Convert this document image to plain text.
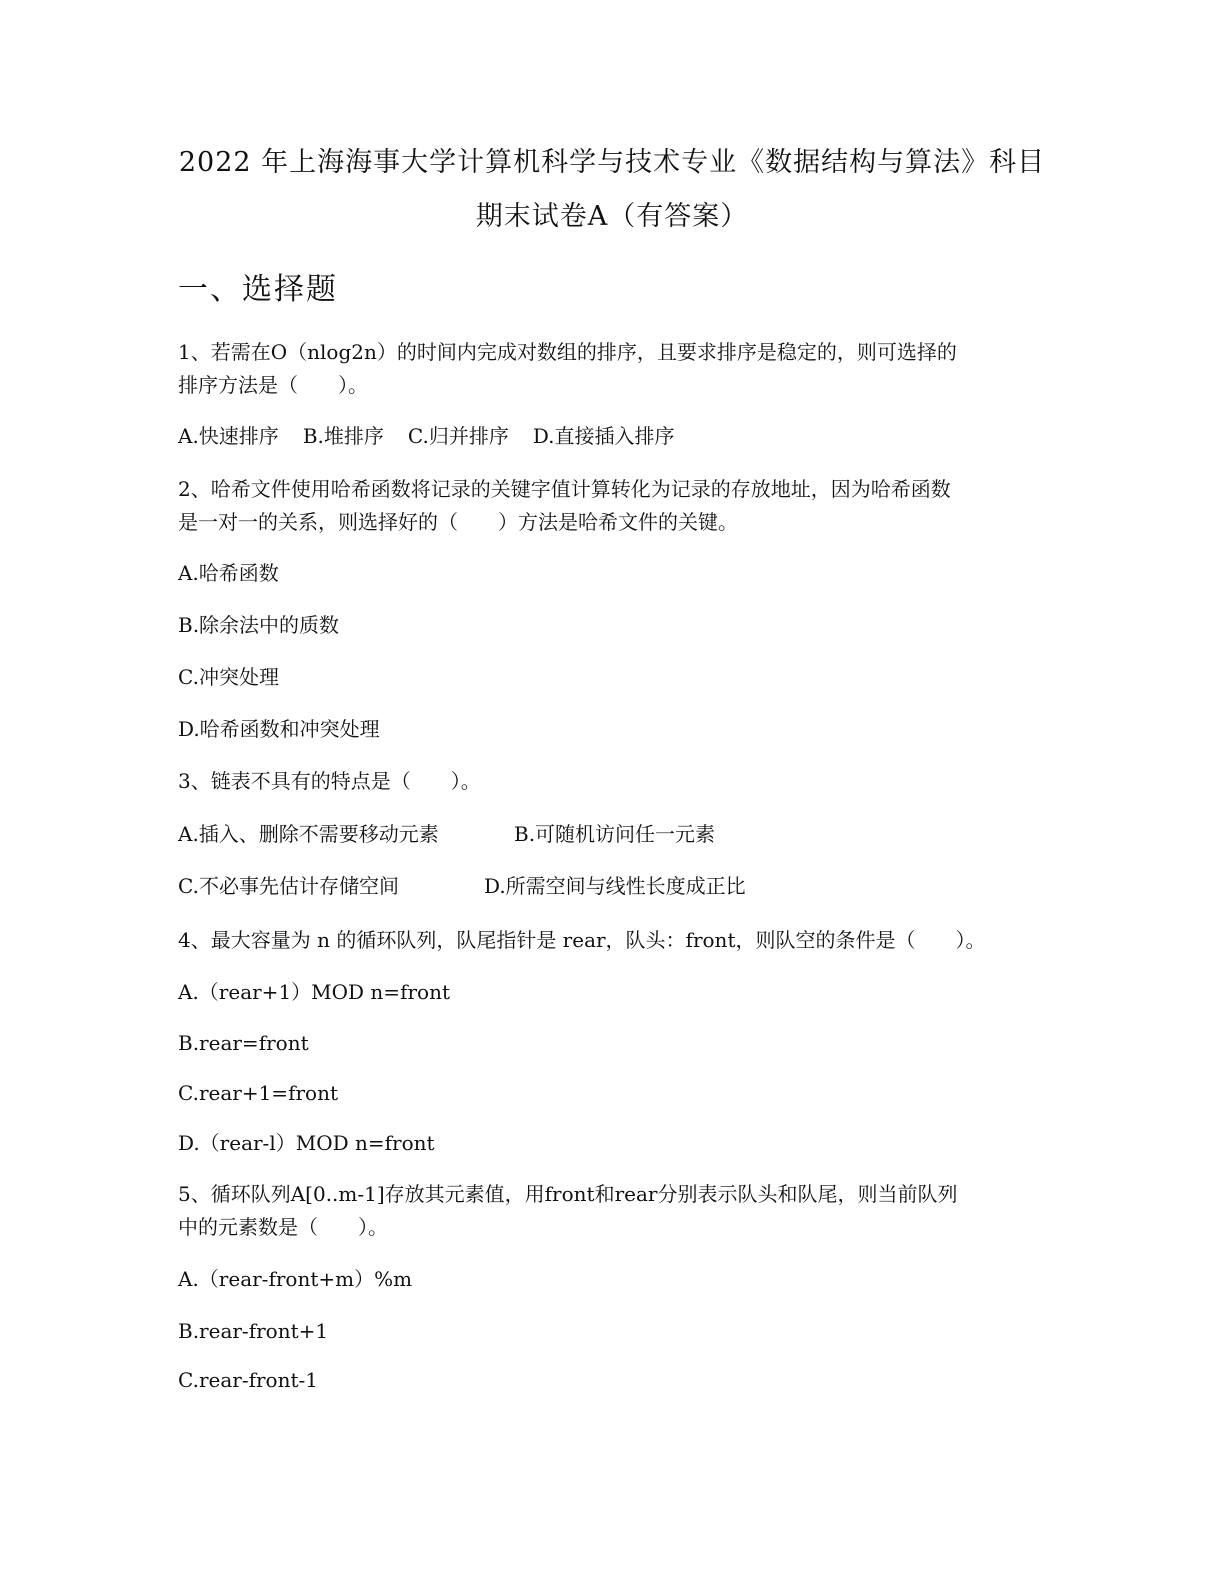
2022 年上海海事大学计算机科学与技术专业《数据结构与算法》科目
期末试卷A（有答案）
一、选择题
1、若需在O（nlog2n）的时间内完成对数组的排序，且要求排序是稳定的，则可选择的
排序方法是（　　）。
A.快速排序 B.堆排序 C.归并排序 D.直接插入排序
2、哈希文件使用哈希函数将记录的关键字值计算转化为记录的存放地址，因为哈希函数
是一对一的关系，则选择好的（　　）方法是哈希文件的关键。
A.哈希函数
B.除余法中的质数
C.冲突处理
D.哈希函数和冲突处理
3、链表不具有的特点是（　　）。
A.插入、删除不需要移动元素	B.可随机访问任一元素
C.不必事先估计存储空间	D.所需空间与线性长度成正比
4、最大容量为 n 的循环队列，队尾指针是 rear，队头：front，则队空的条件是（　　）。
A.（rear+1）MOD n=front
B.rear=front
C.rear+1=front
D.（rear-l）MOD n=front
5、循环队列A[0..m-1]存放其元素值，用front和rear分别表示队头和队尾，则当前队列
中的元素数是（　　）。
A.（rear-front+m）%m
B.rear-front+1
C.rear-front-1
